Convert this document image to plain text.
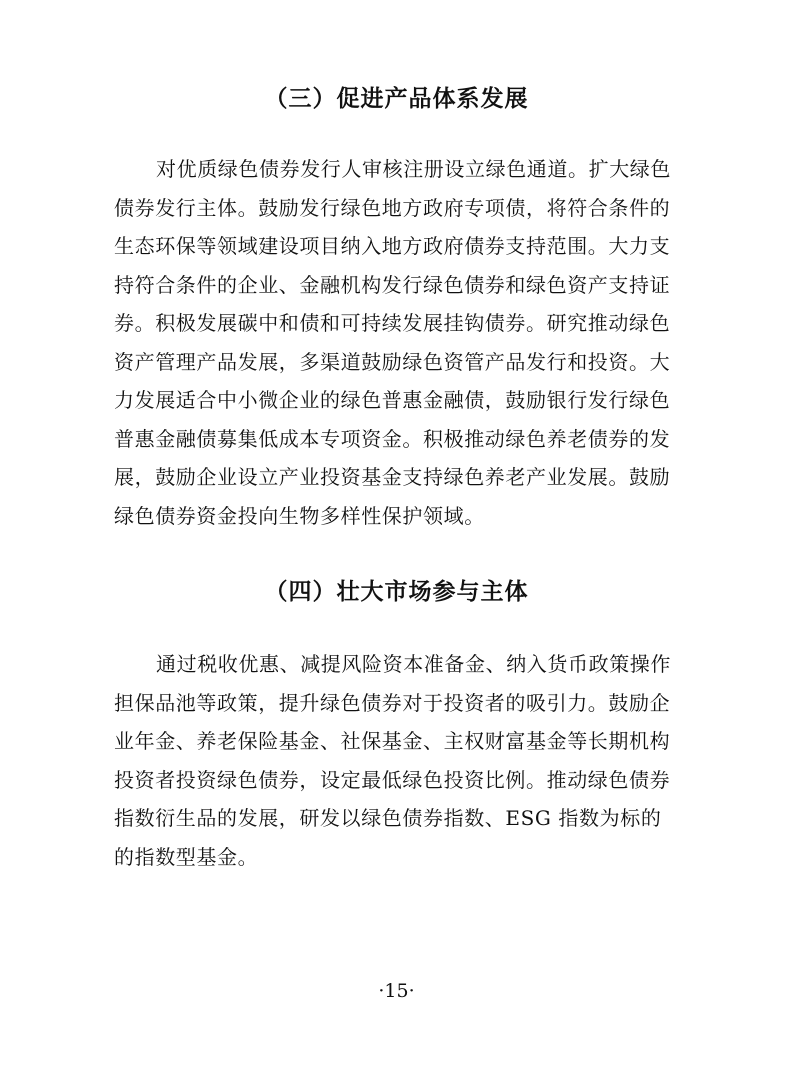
（三）促进产品体系发展
对优质绿色债券发行人审核注册设立绿色通道。扩大绿色
债券发行主体。鼓励发行绿色地方政府专项债，将符合条件的
生态环保等领域建设项目纳入地方政府债券支持范围。大力支
持符合条件的企业、金融机构发行绿色债券和绿色资产支持证
券。积极发展碳中和债和可持续发展挂钩债券。研究推动绿色
资产管理产品发展，多渠道鼓励绿色资管产品发行和投资。大
力发展适合中小微企业的绿色普惠金融债，鼓励银行发行绿色
普惠金融债募集低成本专项资金。积极推动绿色养老债券的发
展，鼓励企业设立产业投资基金支持绿色养老产业发展。鼓励
绿色债券资金投向生物多样性保护领域。
（四）壮大市场参与主体
通过税收优惠、减提风险资本准备金、纳入货币政策操作
担保品池等政策，提升绿色债券对于投资者的吸引力。鼓励企
业年金、养老保险基金、社保基金、主权财富基金等长期机构
投资者投资绿色债券，设定最低绿色投资比例。推动绿色债券
指数衍生品的发展，研发以绿色债券指数、ESG 指数为标的
的指数型基金。
·15·
